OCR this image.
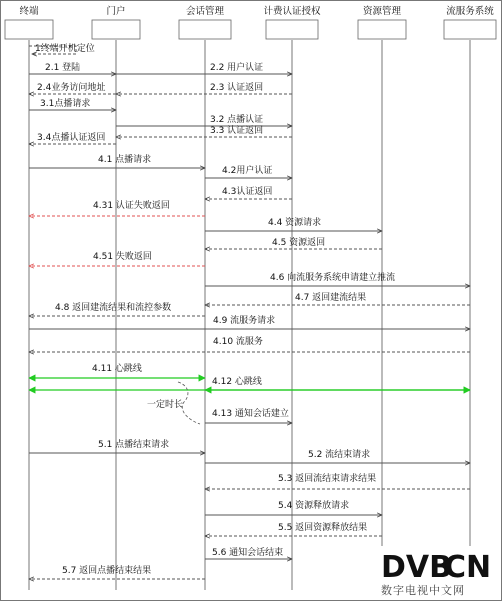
终端	门户	会话管理	计费认证授权	资源管理	流服务系统
1终端开机定位
2.1 登陆	2.2 用户认证
2.3 认证返回
2.4业务访问地址
3.1点播请求
3.2 点播认证
3.3 认证返回
3.4点播认证返回
4.1 点播请求
4.2用户认证
4.3认证返回
4.31 认证失败返回
4.4 资源请求
4.5 资源返回
4.51 失败返回
4.6 向流服务系统申请建立推流
4.7 返回建流结果
4.8 返回建流结果和流控参数
4.9 流服务请求
4.10 流服务
4.11 心跳线
4.12 心跳线
4.13 通知会话建立
5.1 点播结束请求
5.2 流结束请求
5.3 返回流结束请求结果
5.4 资源释放请求
5.5 返回资源释放结果
5.6 通知会话结束
5.7 返回点播结束结果
一定时长
DVB
CN
数字电视中文网
